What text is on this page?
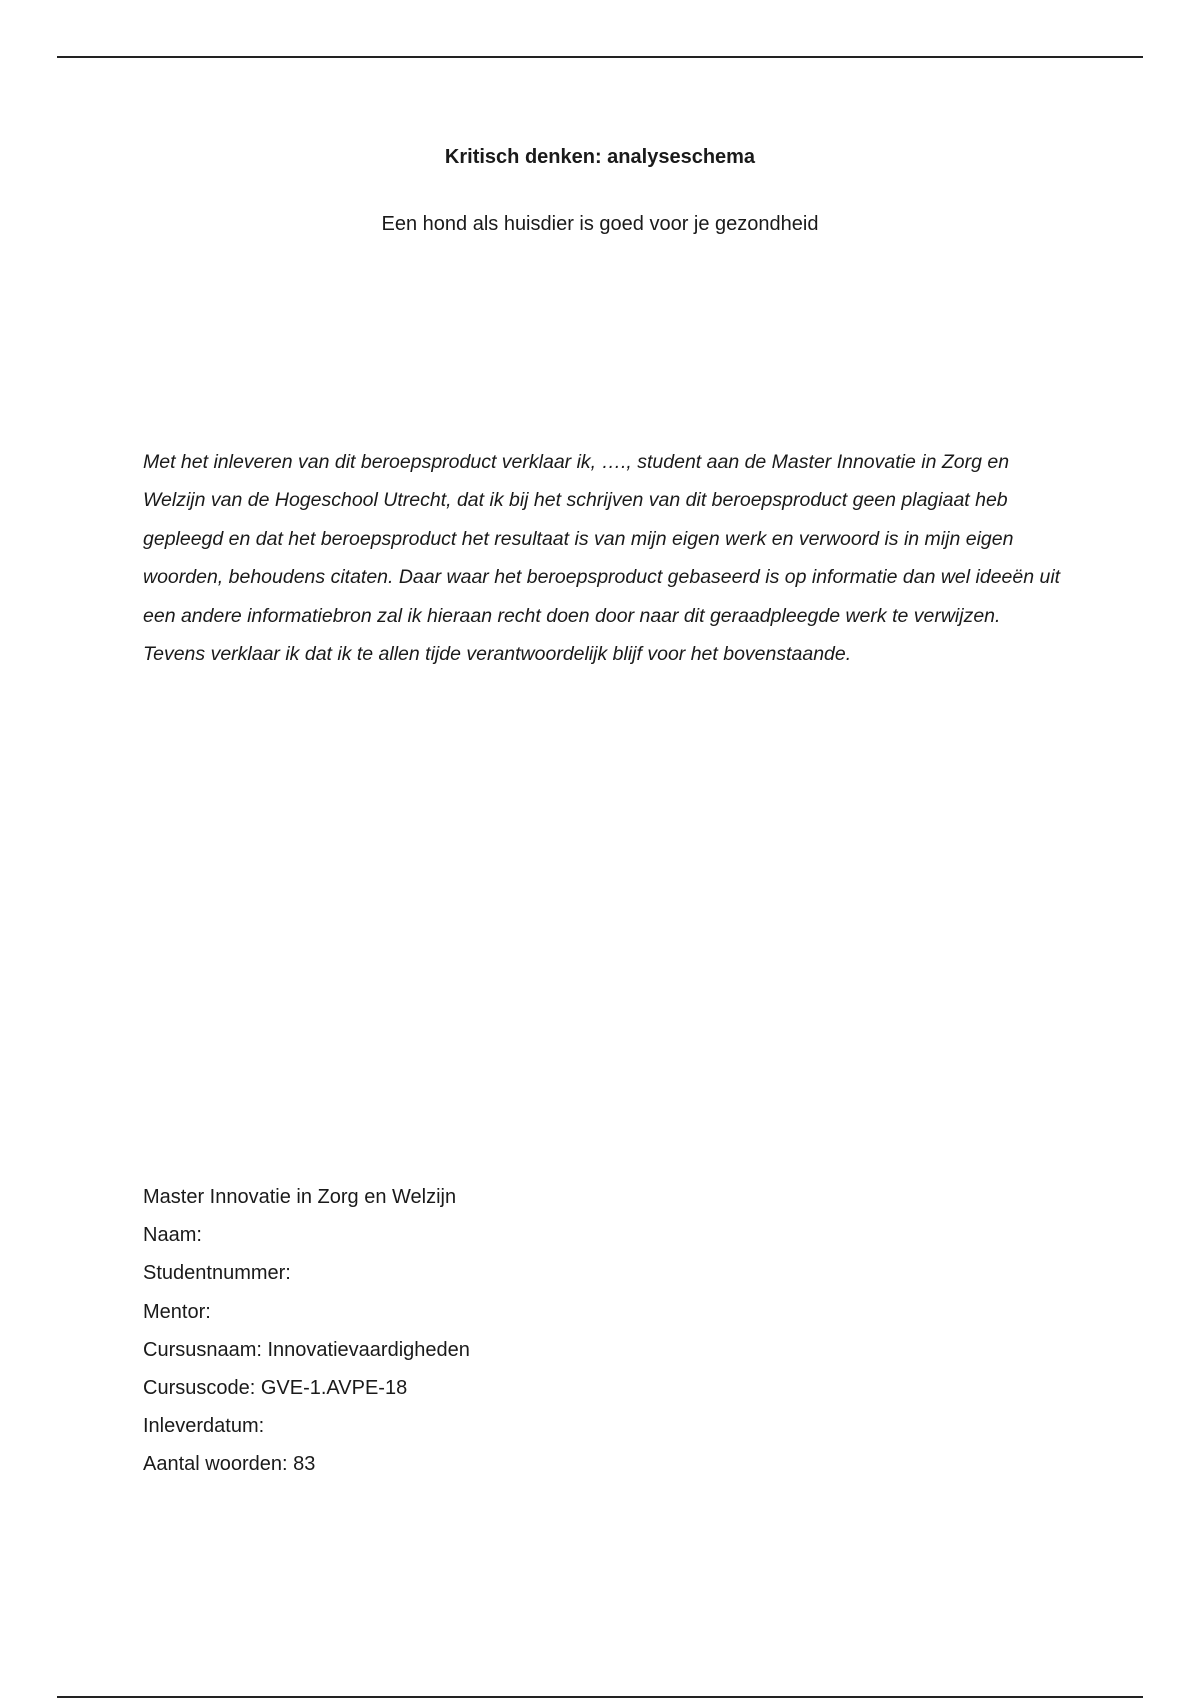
Kritisch denken: analyseschema
Een hond als huisdier is goed voor je gezondheid

Met het inleveren van dit beroepsproduct verklaar ik, …., student aan de Master Innovatie in Zorg en Welzijn van de Hogeschool Utrecht, dat ik bij het schrijven van dit beroepsproduct geen plagiaat heb gepleegd en dat het beroepsproduct het resultaat is van mijn eigen werk en verwoord is in mijn eigen woorden, behoudens citaten. Daar waar het beroepsproduct gebaseerd is op informatie dan wel ideeën uit een andere informatiebron zal ik hieraan recht doen door naar dit geraadpleegde werk te verwijzen. Tevens verklaar ik dat ik te allen tijde verantwoordelijk blijf voor het bovenstaande.

Master Innovatie in Zorg en Welzijn
Naam:
Studentnummer:
Mentor:
Cursusnaam: Innovatievaardigheden
Cursuscode: GVE-1.AVPE-18
Inleverdatum:
Aantal woorden: 83
